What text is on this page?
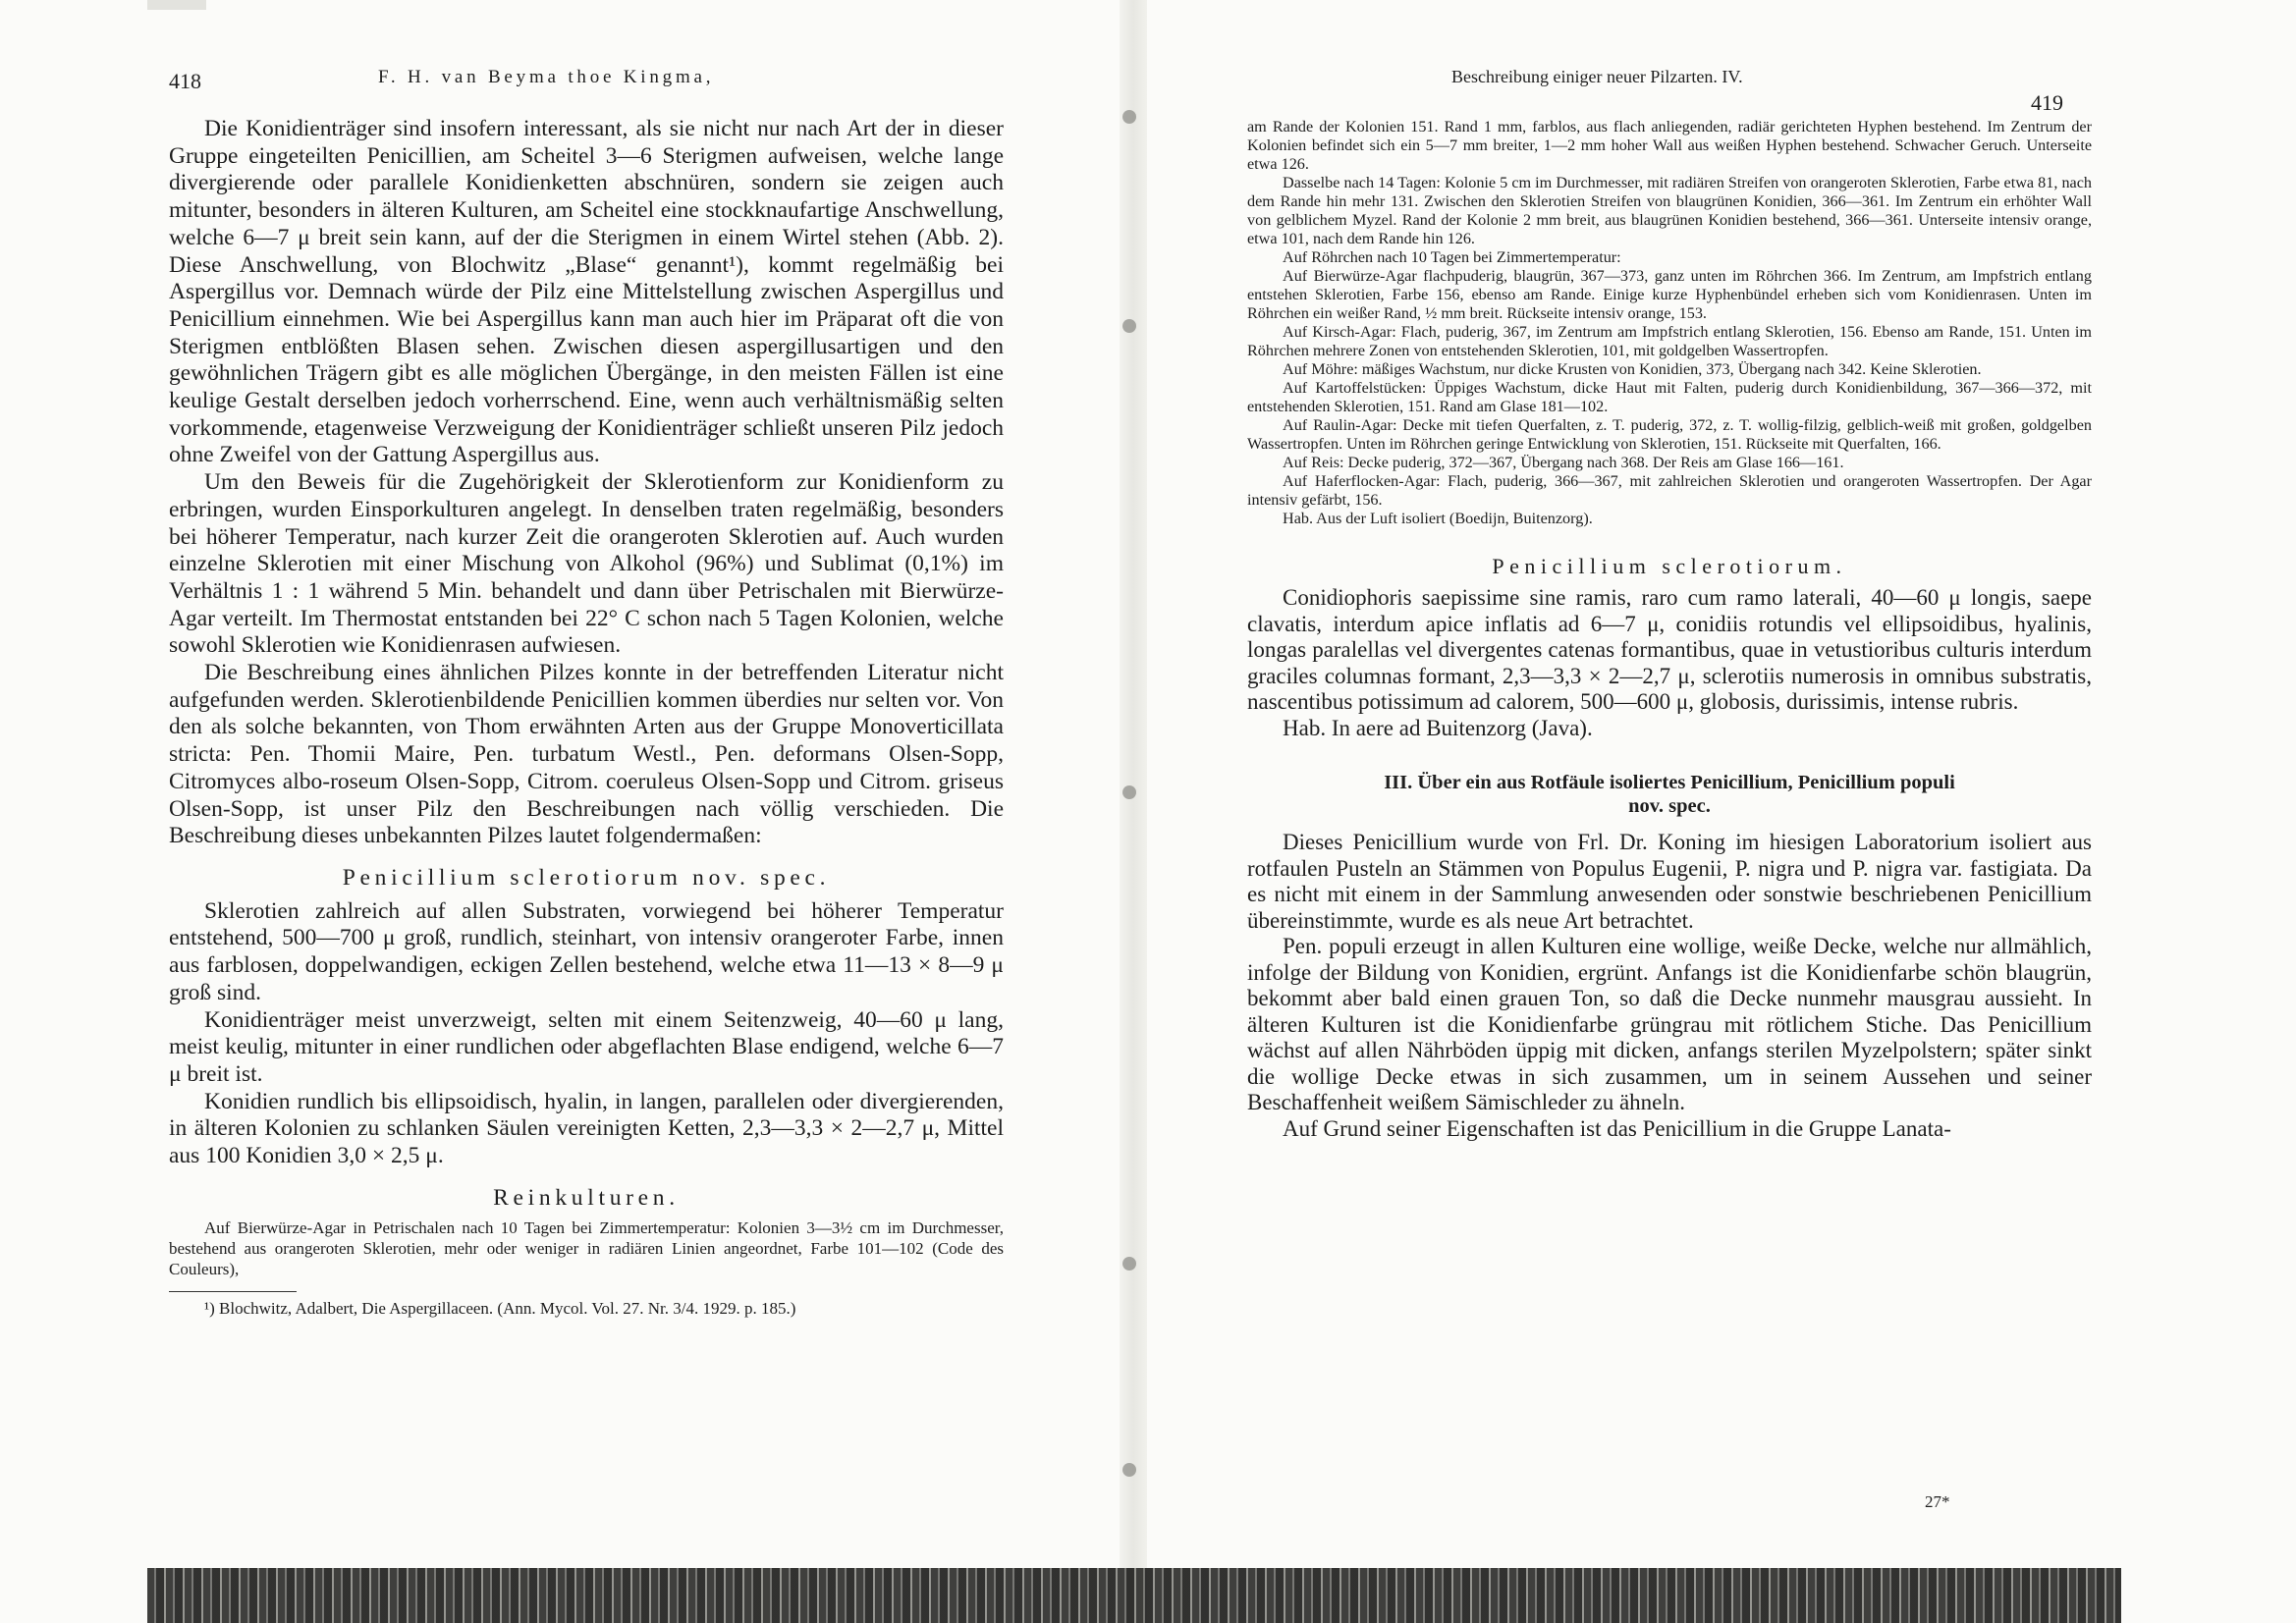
418	F. H. van Beyma thoe Kingma,

Die Konidienträger sind insofern interessant, als sie nicht nur nach Art der in dieser Gruppe eingeteilten Penicillien, am Scheitel 3—6 Sterigmen aufweisen, welche lange divergierende oder parallele Konidienketten abschnüren, sondern sie zeigen auch mitunter, besonders in älteren Kulturen, am Scheitel eine stockknaufartige Anschwellung, welche 6—7 μ breit sein kann, auf der die Sterigmen in einem Wirtel stehen (Abb. 2). Diese Anschwellung, von Blochwitz „Blase“ genannt¹), kommt regelmäßig bei Aspergillus vor. Demnach würde der Pilz eine Mittelstellung zwischen Aspergillus und Penicillium einnehmen. Wie bei Aspergillus kann man auch hier im Präparat oft die von Sterigmen entblößten Blasen sehen. Zwischen diesen aspergillusartigen und den gewöhnlichen Trägern gibt es alle möglichen Übergänge, in den meisten Fällen ist eine keulige Gestalt derselben jedoch vorherrschend. Eine, wenn auch verhältnismäßig selten vorkommende, etagenweise Verzweigung der Konidienträger schließt unseren Pilz jedoch ohne Zweifel von der Gattung Aspergillus aus.

Um den Beweis für die Zugehörigkeit der Sklerotienform zur Konidienform zu erbringen, wurden Einsporkulturen angelegt. In denselben traten regelmäßig, besonders bei höherer Temperatur, nach kurzer Zeit die orangeroten Sklerotien auf. Auch wurden einzelne Sklerotien mit einer Mischung von Alkohol (96%) und Sublimat (0,1%) im Verhältnis 1 : 1 während 5 Min. behandelt und dann über Petrischalen mit Bierwürze-Agar verteilt. Im Thermostat entstanden bei 22° C schon nach 5 Tagen Kolonien, welche sowohl Sklerotien wie Konidienrasen aufwiesen.

Die Beschreibung eines ähnlichen Pilzes konnte in der betreffenden Literatur nicht aufgefunden werden. Sklerotienbildende Penicillien kommen überdies nur selten vor. Von den als solche bekannten, von Thom erwähnten Arten aus der Gruppe Monoverticillata stricta: Pen. Thomii Maire, Pen. turbatum Westl., Pen. deformans Olsen-Sopp, Citromyces albo-roseum Olsen-Sopp, Citrom. coeruleus Olsen-Sopp und Citrom. griseus Olsen-Sopp, ist unser Pilz den Beschreibungen nach völlig verschieden. Die Beschreibung dieses unbekannten Pilzes lautet folgendermaßen:

Penicillium sclerotiorum nov. spec.

Sklerotien zahlreich auf allen Substraten, vorwiegend bei höherer Temperatur entstehend, 500—700 μ groß, rundlich, steinhart, von intensiv orangeroter Farbe, innen aus farblosen, doppelwandigen, eckigen Zellen bestehend, welche etwa 11—13 × 8—9 μ groß sind.

Konidienträger meist unverzweigt, selten mit einem Seitenzweig, 40—60 μ lang, meist keulig, mitunter in einer rundlichen oder abgeflachten Blase endigend, welche 6—7 μ breit ist.

Konidien rundlich bis ellipsoidisch, hyalin, in langen, parallelen oder divergierenden, in älteren Kolonien zu schlanken Säulen vereinigten Ketten, 2,3—3,3 × 2—2,7 μ, Mittel aus 100 Konidien 3,0 × 2,5 μ.

Reinkulturen.

Auf Bierwürze-Agar in Petrischalen nach 10 Tagen bei Zimmertemperatur: Kolonien 3—3½ cm im Durchmesser, bestehend aus orangeroten Sklerotien, mehr oder weniger in radiären Linien angeordnet, Farbe 101—102 (Code des Couleurs),

¹) Blochwitz, Adalbert, Die Aspergillaceen. (Ann. Mycol. Vol. 27. Nr. 3/4. 1929. p. 185.)

Beschreibung einiger neuer Pilzarten. IV.
419

am Rande der Kolonien 151. Rand 1 mm, farblos, aus flach anliegenden, radiär gerichteten Hyphen bestehend. Im Zentrum der Kolonien befindet sich ein 5—7 mm breiter, 1—2 mm hoher Wall aus weißen Hyphen bestehend. Schwacher Geruch. Unterseite etwa 126.

Dasselbe nach 14 Tagen: Kolonie 5 cm im Durchmesser, mit radiären Streifen von orangeroten Sklerotien, Farbe etwa 81, nach dem Rande hin mehr 131. Zwischen den Sklerotien Streifen von blaugrünen Konidien, 366—361. Im Zentrum ein erhöhter Wall von gelblichem Myzel. Rand der Kolonie 2 mm breit, aus blaugrünen Konidien bestehend, 366—361. Unterseite intensiv orange, etwa 101, nach dem Rande hin 126.

Auf Röhrchen nach 10 Tagen bei Zimmertemperatur:

Auf Bierwürze-Agar flachpuderig, blaugrün, 367—373, ganz unten im Röhrchen 366. Im Zentrum, am Impfstrich entlang entstehen Sklerotien, Farbe 156, ebenso am Rande. Einige kurze Hyphenbündel erheben sich vom Konidienrasen. Unten im Röhrchen ein weißer Rand, ½ mm breit. Rückseite intensiv orange, 153.

Auf Kirsch-Agar: Flach, puderig, 367, im Zentrum am Impfstrich entlang Sklerotien, 156. Ebenso am Rande, 151. Unten im Röhrchen mehrere Zonen von entstehenden Sklerotien, 101, mit goldgelben Wassertropfen.

Auf Möhre: mäßiges Wachstum, nur dicke Krusten von Konidien, 373, Übergang nach 342. Keine Sklerotien.

Auf Kartoffelstücken: Üppiges Wachstum, dicke Haut mit Falten, puderig durch Konidienbildung, 367—366—372, mit entstehenden Sklerotien, 151. Rand am Glase 181—102.

Auf Raulin-Agar: Decke mit tiefen Querfalten, z. T. puderig, 372, z. T. wollig-filzig, gelblich-weiß mit großen, goldgelben Wassertropfen. Unten im Röhrchen geringe Entwicklung von Sklerotien, 151. Rückseite mit Querfalten, 166.

Auf Reis: Decke puderig, 372—367, Übergang nach 368. Der Reis am Glase 166—161.

Auf Haferflocken-Agar: Flach, puderig, 366—367, mit zahlreichen Sklerotien und orangeroten Wassertropfen. Der Agar intensiv gefärbt, 156.

Hab. Aus der Luft isoliert (Boedijn, Buitenzorg).

Penicillium sclerotiorum.

Conidiophoris saepissime sine ramis, raro cum ramo laterali, 40—60 μ longis, saepe clavatis, interdum apice inflatis ad 6—7 μ, conidiis rotundis vel ellipsoidibus, hyalinis, longas paralellas vel divergentes catenas formantibus, quae in vetustioribus culturis interdum graciles columnas formant, 2,3—3,3 × 2—2,7 μ, sclerotiis numerosis in omnibus substratis, nascentibus potissimum ad calorem, 500—600 μ, globosis, durissimis, intense rubris.

Hab. In aere ad Buitenzorg (Java).

III. Über ein aus Rotfäule isoliertes Penicillium, Penicillium populi
nov. spec.

Dieses Penicillium wurde von Frl. Dr. Koning im hiesigen Laboratorium isoliert aus rotfaulen Pusteln an Stämmen von Populus Eugenii, P. nigra und P. nigra var. fastigiata. Da es nicht mit einem in der Sammlung anwesenden oder sonstwie beschriebenen Penicillium übereinstimmte, wurde es als neue Art betrachtet.

Pen. populi erzeugt in allen Kulturen eine wollige, weiße Decke, welche nur allmählich, infolge der Bildung von Konidien, ergrünt. Anfangs ist die Konidienfarbe schön blaugrün, bekommt aber bald einen grauen Ton, so daß die Decke nunmehr mausgrau aussieht. In älteren Kulturen ist die Konidienfarbe grüngrau mit rötlichem Stiche. Das Penicillium wächst auf allen Nährböden üppig mit dicken, anfangs sterilen Myzelpolstern; später sinkt die wollige Decke etwas in sich zusammen, um in seinem Aussehen und seiner Beschaffenheit weißem Sämischleder zu ähneln.

Auf Grund seiner Eigenschaften ist das Penicillium in die Gruppe Lanata-

27*
